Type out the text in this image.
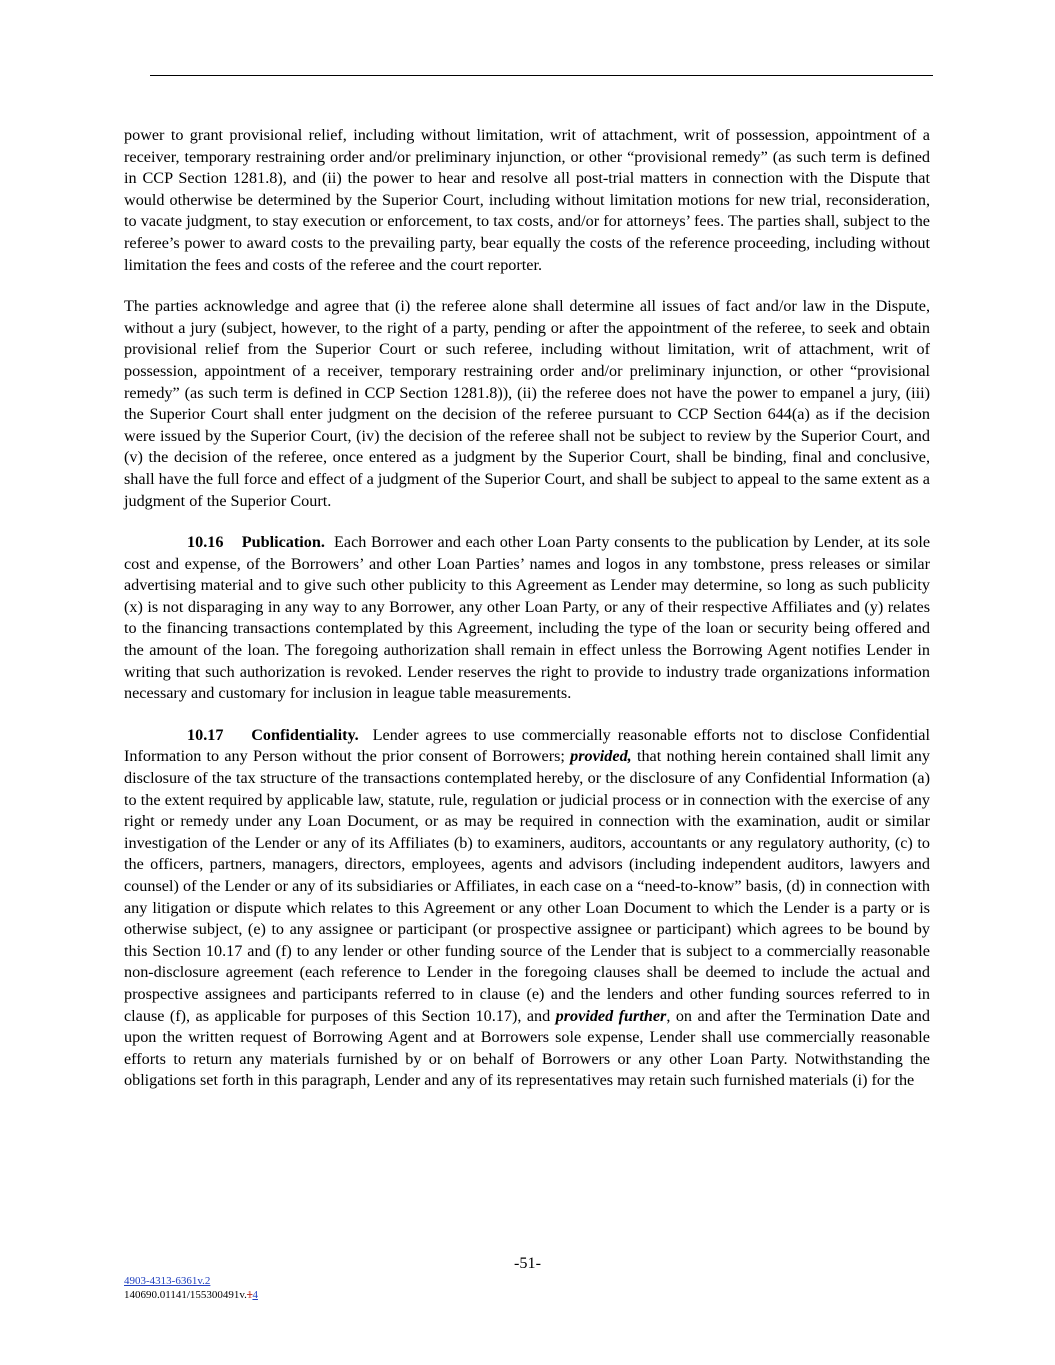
power to grant provisional relief, including without limitation, writ of attachment, writ of possession, appointment of a receiver, temporary restraining order and/or preliminary injunction, or other “provisional remedy” (as such term is defined in CCP Section 1281.8), and (ii) the power to hear and resolve all post-trial matters in connection with the Dispute that would otherwise be determined by the Superior Court, including without limitation motions for new trial, reconsideration, to vacate judgment, to stay execution or enforcement, to tax costs, and/or for attorneys’ fees. The parties shall, subject to the referee’s power to award costs to the prevailing party, bear equally the costs of the reference proceeding, including without limitation the fees and costs of the referee and the court reporter.

The parties acknowledge and agree that (i) the referee alone shall determine all issues of fact and/or law in the Dispute, without a jury (subject, however, to the right of a party, pending or after the appointment of the referee, to seek and obtain provisional relief from the Superior Court or such referee, including without limitation, writ of attachment, writ of possession, appointment of a receiver, temporary restraining order and/or preliminary injunction, or other “provisional remedy” (as such term is defined in CCP Section 1281.8)), (ii) the referee does not have the power to empanel a jury, (iii) the Superior Court shall enter judgment on the decision of the referee pursuant to CCP Section 644(a) as if the decision were issued by the Superior Court, (iv) the decision of the referee shall not be subject to review by the Superior Court, and (v) the decision of the referee, once entered as a judgment by the Superior Court, shall be binding, final and conclusive, shall have the full force and effect of a judgment of the Superior Court, and shall be subject to appeal to the same extent as a judgment of the Superior Court.

10.16 Publication. Each Borrower and each other Loan Party consents to the publication by Lender, at its sole cost and expense, of the Borrowers’ and other Loan Parties’ names and logos in any tombstone, press releases or similar advertising material and to give such other publicity to this Agreement as Lender may determine, so long as such publicity (x) is not disparaging in any way to any Borrower, any other Loan Party, or any of their respective Affiliates and (y) relates to the financing transactions contemplated by this Agreement, including the type of the loan or security being offered and the amount of the loan. The foregoing authorization shall remain in effect unless the Borrowing Agent notifies Lender in writing that such authorization is revoked. Lender reserves the right to provide to industry trade organizations information necessary and customary for inclusion in league table measurements.

10.17 Confidentiality. Lender agrees to use commercially reasonable efforts not to disclose Confidential Information to any Person without the prior consent of Borrowers; provided, that nothing herein contained shall limit any disclosure of the tax structure of the transactions contemplated hereby, or the disclosure of any Confidential Information (a) to the extent required by applicable law, statute, rule, regulation or judicial process or in connection with the exercise of any right or remedy under any Loan Document, or as may be required in connection with the examination, audit or similar investigation of the Lender or any of its Affiliates (b) to examiners, auditors, accountants or any regulatory authority, (c) to the officers, partners, managers, directors, employees, agents and advisors (including independent auditors, lawyers and counsel) of the Lender or any of its subsidiaries or Affiliates, in each case on a “need-to-know” basis, (d) in connection with any litigation or dispute which relates to this Agreement or any other Loan Document to which the Lender is a party or is otherwise subject, (e) to any assignee or participant (or prospective assignee or participant) which agrees to be bound by this Section 10.17 and (f) to any lender or other funding source of the Lender that is subject to a commercially reasonable non-disclosure agreement (each reference to Lender in the foregoing clauses shall be deemed to include the actual and prospective assignees and participants referred to in clause (e) and the lenders and other funding sources referred to in clause (f), as applicable for purposes of this Section 10.17), and provided further, on and after the Termination Date and upon the written request of Borrowing Agent and at Borrowers sole expense, Lender shall use commercially reasonable efforts to return any materials furnished by or on behalf of Borrowers or any other Loan Party. Notwithstanding the obligations set forth in this paragraph, Lender and any of its representatives may retain such furnished materials (i) for the

-51-
4903-4313-6361v.2
140690.01141/155300491v.14
